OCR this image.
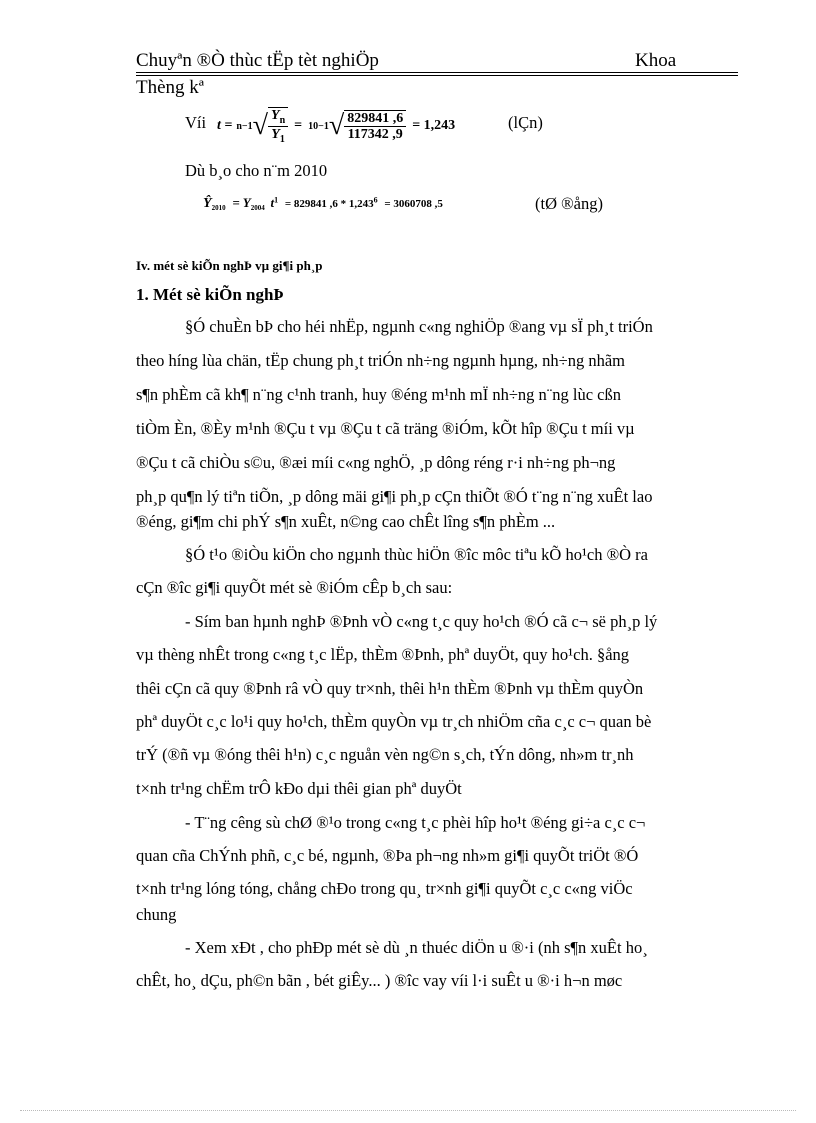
Chuyªn ®Ò thùc tËp tèt nghiÖp	Khoa
Thèng kª
Víi t = n−1 √ $\frac{Y_n}{Y_1} = 10-1$ √ $\frac{829841 ,6}{117342 ,9} = 1,243$	(lÇn)
Dù b¸o cho n¨m 2010
$Ŷ_{2010} = Y_{2004}$ $t^1 = 829841$ $,6 * 1,243^6 = 3060708$ ,5	(tØ ®ång)
Iv. mét sè kiÕn nghÞ vµ gi¶i ph¸p
1. Mét sè kiÕn nghÞ
§Ó chuÈn bÞ cho héi nhËp, ngµnh c«ng nghiÖp ®ang vµ sÏ ph¸t triÓn
theo híng lùa chän, tËp chung ph¸t triÓn nh÷ng ngµnh hµng, nh÷ng nhãm
s¶n phÈm cã kh¶ n¨ng c¹nh tranh, huy ®éng m¹nh mÏ nh÷ng n¨ng lùc cßn
tiÒm Èn, ®Èy m¹nh ®Çu t vµ ®Çu t cã träng ®iÓm, kÕt hîp ®Çu t míi vµ
®Çu t cã chiÒu s©u, ®æi míi c«ng nghÖ, ¸p dông réng r·i nh÷ng ph¬ng
ph¸p qu¶n lý tiªn tiÕn, ¸p dông mäi gi¶i ph¸p cÇn thiÕt ®Ó t¨ng n¨ng xuÊt lao
®éng, gi¶m chi phÝ s¶n xuÊt, n©ng cao chÊt lîng s¶n phÈm ...
§Ó t¹o ®iÒu kiÖn cho ngµnh thùc hiÖn ®îc môc tiªu kÕ ho¹ch ®Ò ra
cÇn ®îc gi¶i quyÕt mét sè ®iÓm cÊp b¸ch sau:
- Sím ban hµnh nghÞ ®Þnh vÒ c«ng t¸c quy ho¹ch ®Ó cã c¬ së ph¸p lý
vµ thèng nhÊt trong c«ng t¸c lËp, thÈm ®Þnh, phª duyÖt, quy ho¹ch. §ång
thêi cÇn cã quy ®Þnh râ vÒ quy tr×nh, thêi h¹n thÈm ®Þnh vµ thÈm quyÒn
phª duyÖt c¸c lo¹i quy ho¹ch, thÈm quyÒn vµ tr¸ch nhiÖm cña c¸c c¬ quan bè
trÝ (®ñ vµ ®óng thêi h¹n) c¸c nguån vèn ng©n s¸ch, tÝn dông, nh»m tr¸nh
t×nh tr¹ng chËm trÔ kÐo dµi thêi gian phª duyÖt
- T¨ng cêng sù chØ ®¹o trong c«ng t¸c phèi hîp ho¹t ®éng gi÷a c¸c c¬
quan cña ChÝnh phñ, c¸c bé, ngµnh, ®Þa ph¬ng nh»m gi¶i quyÕt triÖt ®Ó
t×nh tr¹ng lóng tóng, chång chÐo trong qu¸ tr×nh gi¶i quyÕt c¸c c«ng viÖc
chung
- Xem xÐt , cho phÐp mét sè dù ¸n thuéc diÖn u ®·i (nh s¶n xuÊt ho¸
chÊt, ho¸ dÇu, ph©n bãn , bét giÊy... ) ®îc vay víi l·i suÊt u ®·i h¬n møc
